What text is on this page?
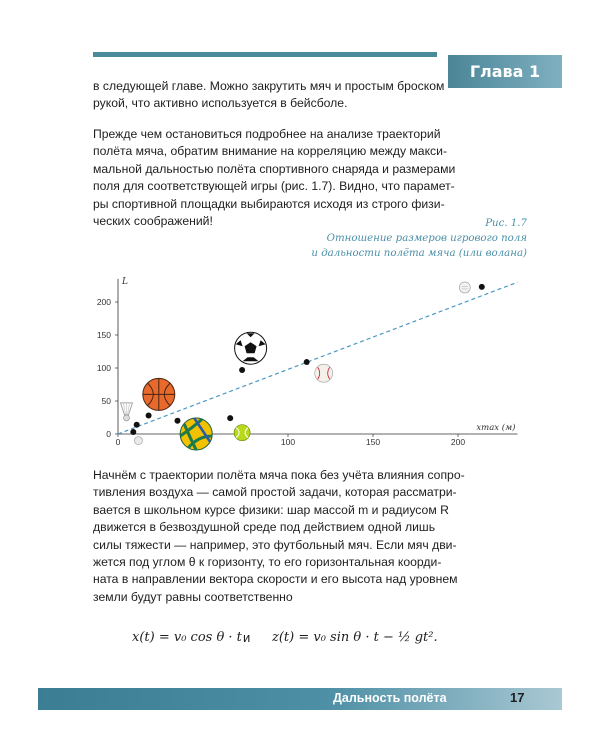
Глава 1
в следующей главе. Можно закрутить мяч и простым броском
рукой, что активно используется в бейсболе.
Прежде чем остановиться подробнее на анализе траекторий
полёта мяча, обратим внимание на корреляцию между макси-
мальной дальностью полёта спортивного снаряда и размерами
поля для соответствующей игры (рис. 1.7). Видно, что парамет-
ры спортивной площадки выбираются исходя из строго физи-
ческих соображений!	Рис. 1.7
Отношение размеров игрового поля
и дальности полёта мяча (или волана)
0
50
100
150
200
0	100	150	200
L
xmax (м)
Начнём с траектории полёта мяча пока без учёта влияния сопро-
тивления воздуха — самой простой задачи, которая рассматри-
вается в школьном курсе физики: шар массой m и радиусом R
движется в безвоздушной среде под действием одной лишь
силы тяжести — например, это футбольный мяч. Если мяч дви-
жется под углом θ к горизонту, то его горизонтальная коорди-
ната в направлении вектора скорости и его высота над уровнем
земли будут равны соответственно
x(t) = v₀ cos θ · t и z(t) = v₀ sin θ · t − ½ gt².
Дальность полёта	17
